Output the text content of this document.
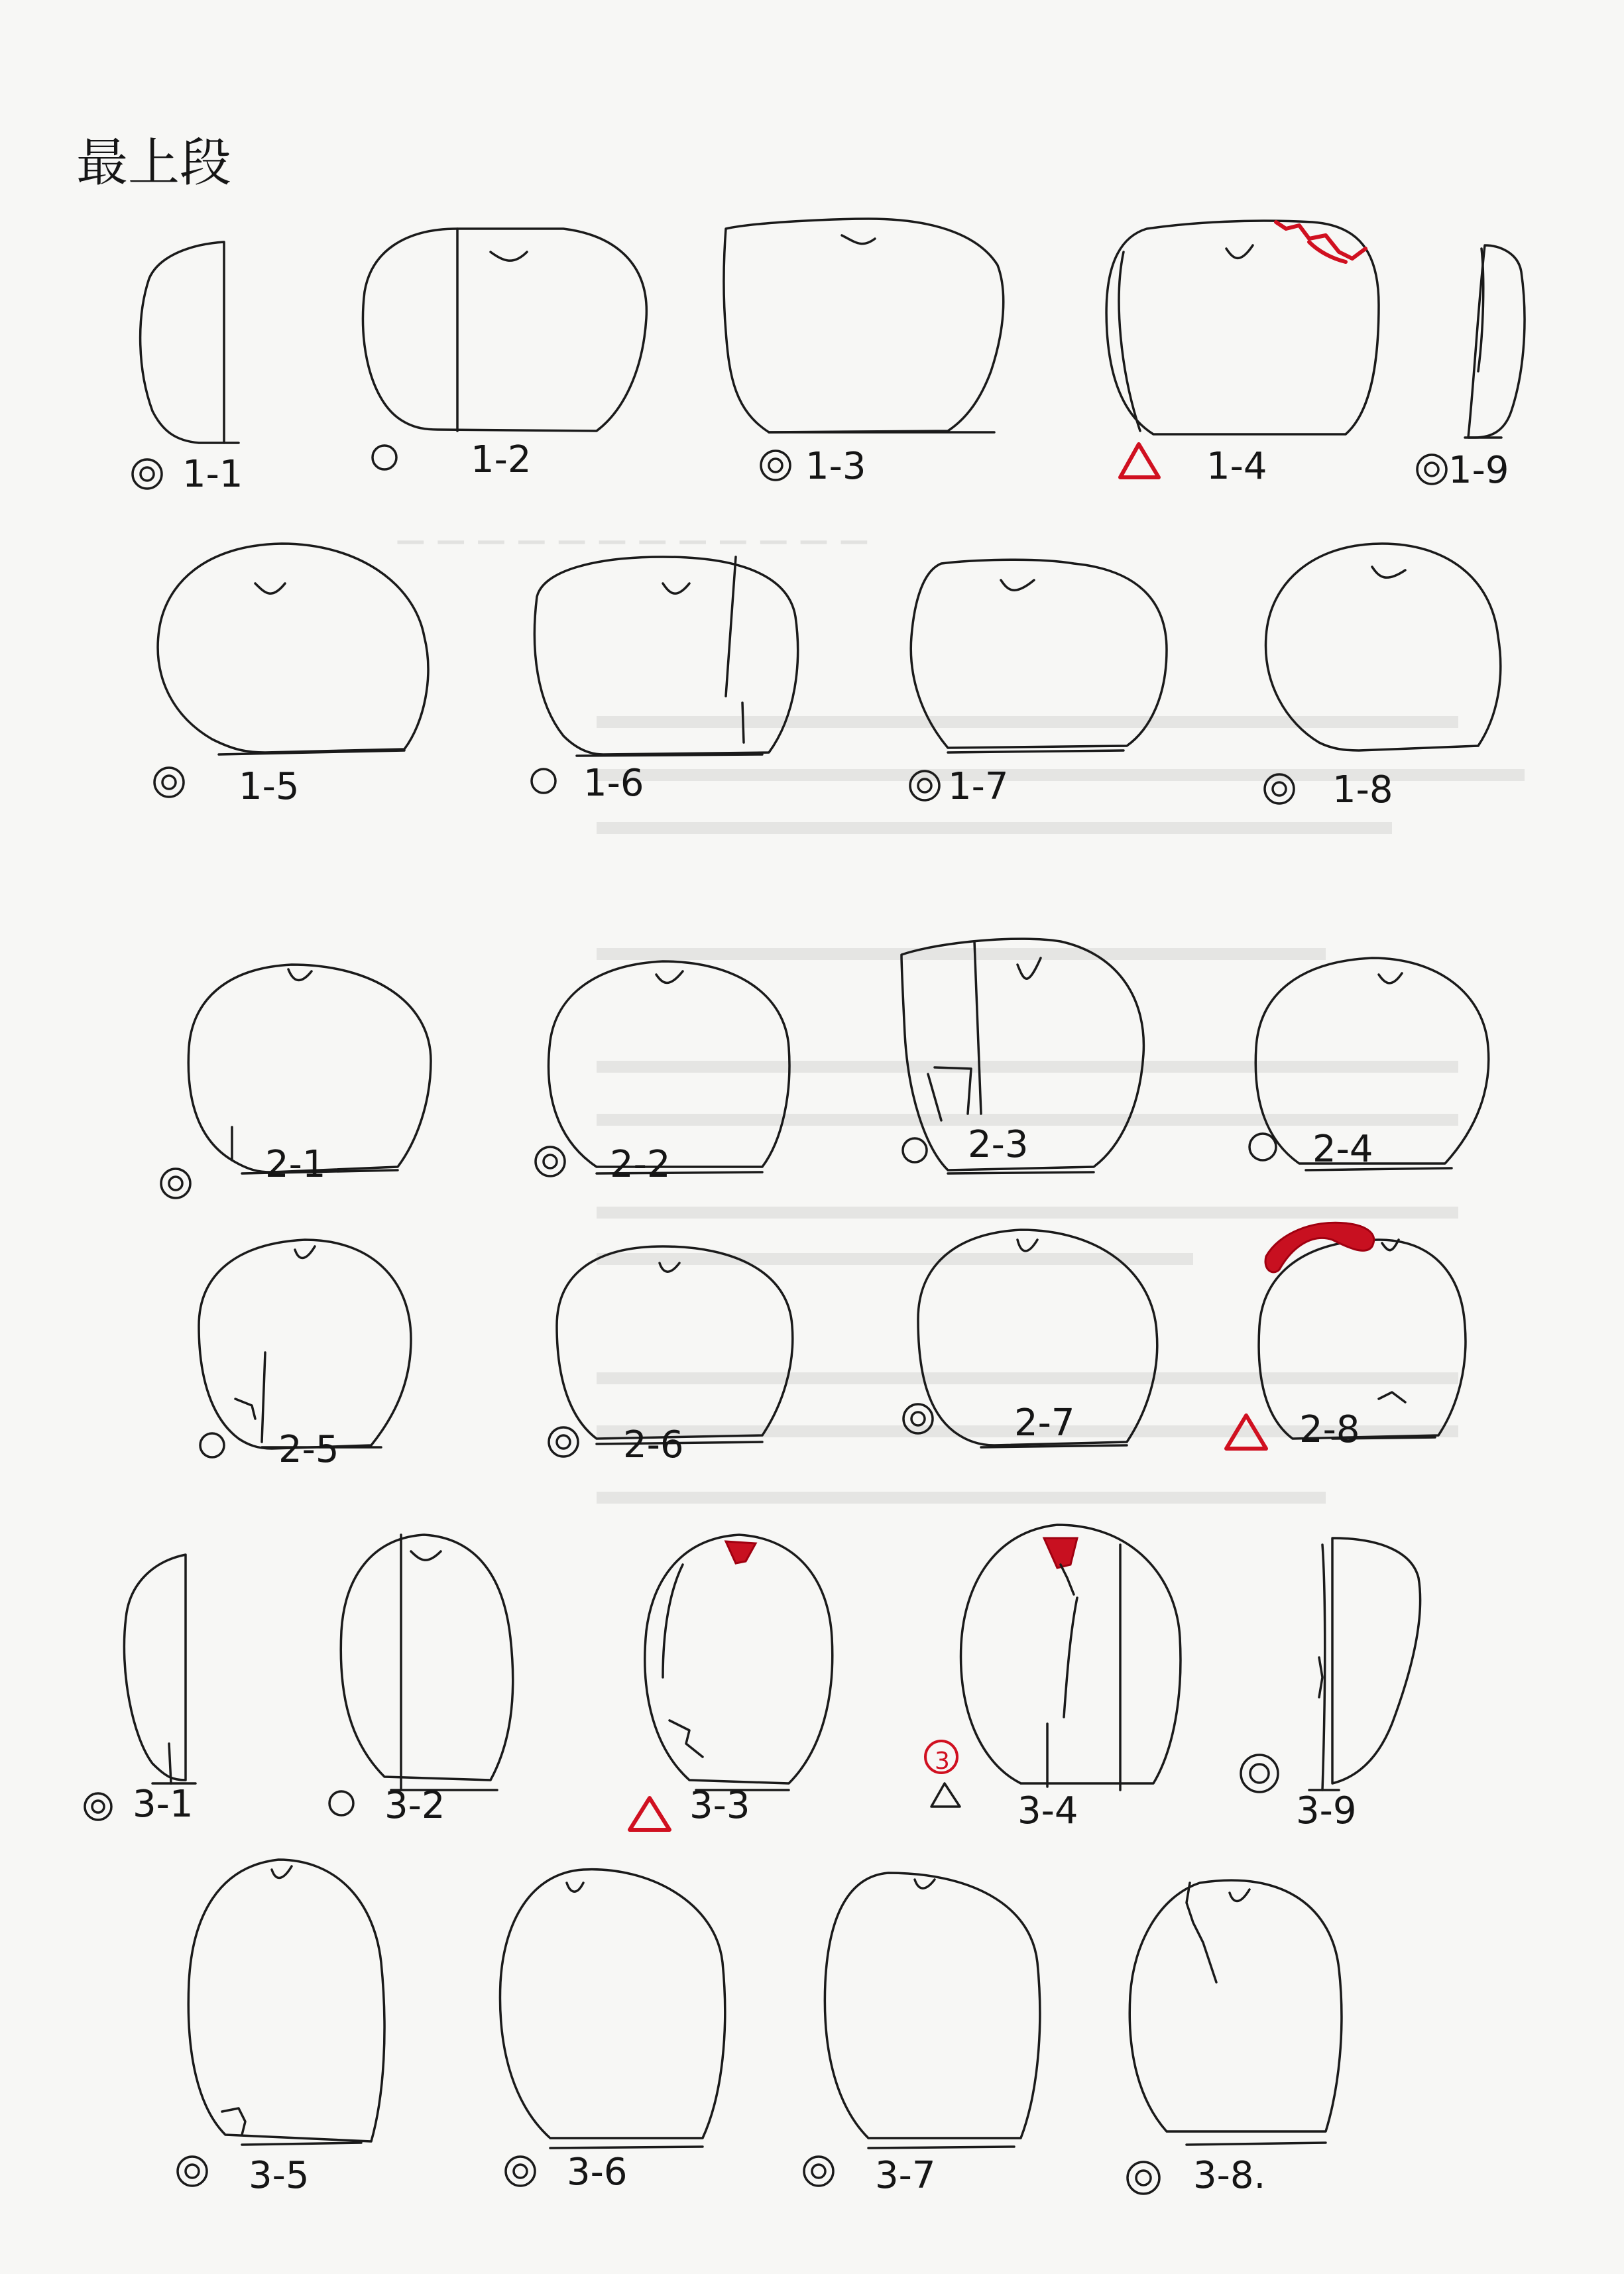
─ ─ ─ ─ ─ ─ ─ ─ ─ ─ ─ ─
最上段
1-1	1-2	1-3	1-4	1-9
1-5	1-6	1-7	1-8
2-1	2-2	2-3	2-4
2-5	2-6
2-7	2-8
3-1	3-2	3-3
3
3-4	3-9
3-5	3-6	3-7	3-8.
